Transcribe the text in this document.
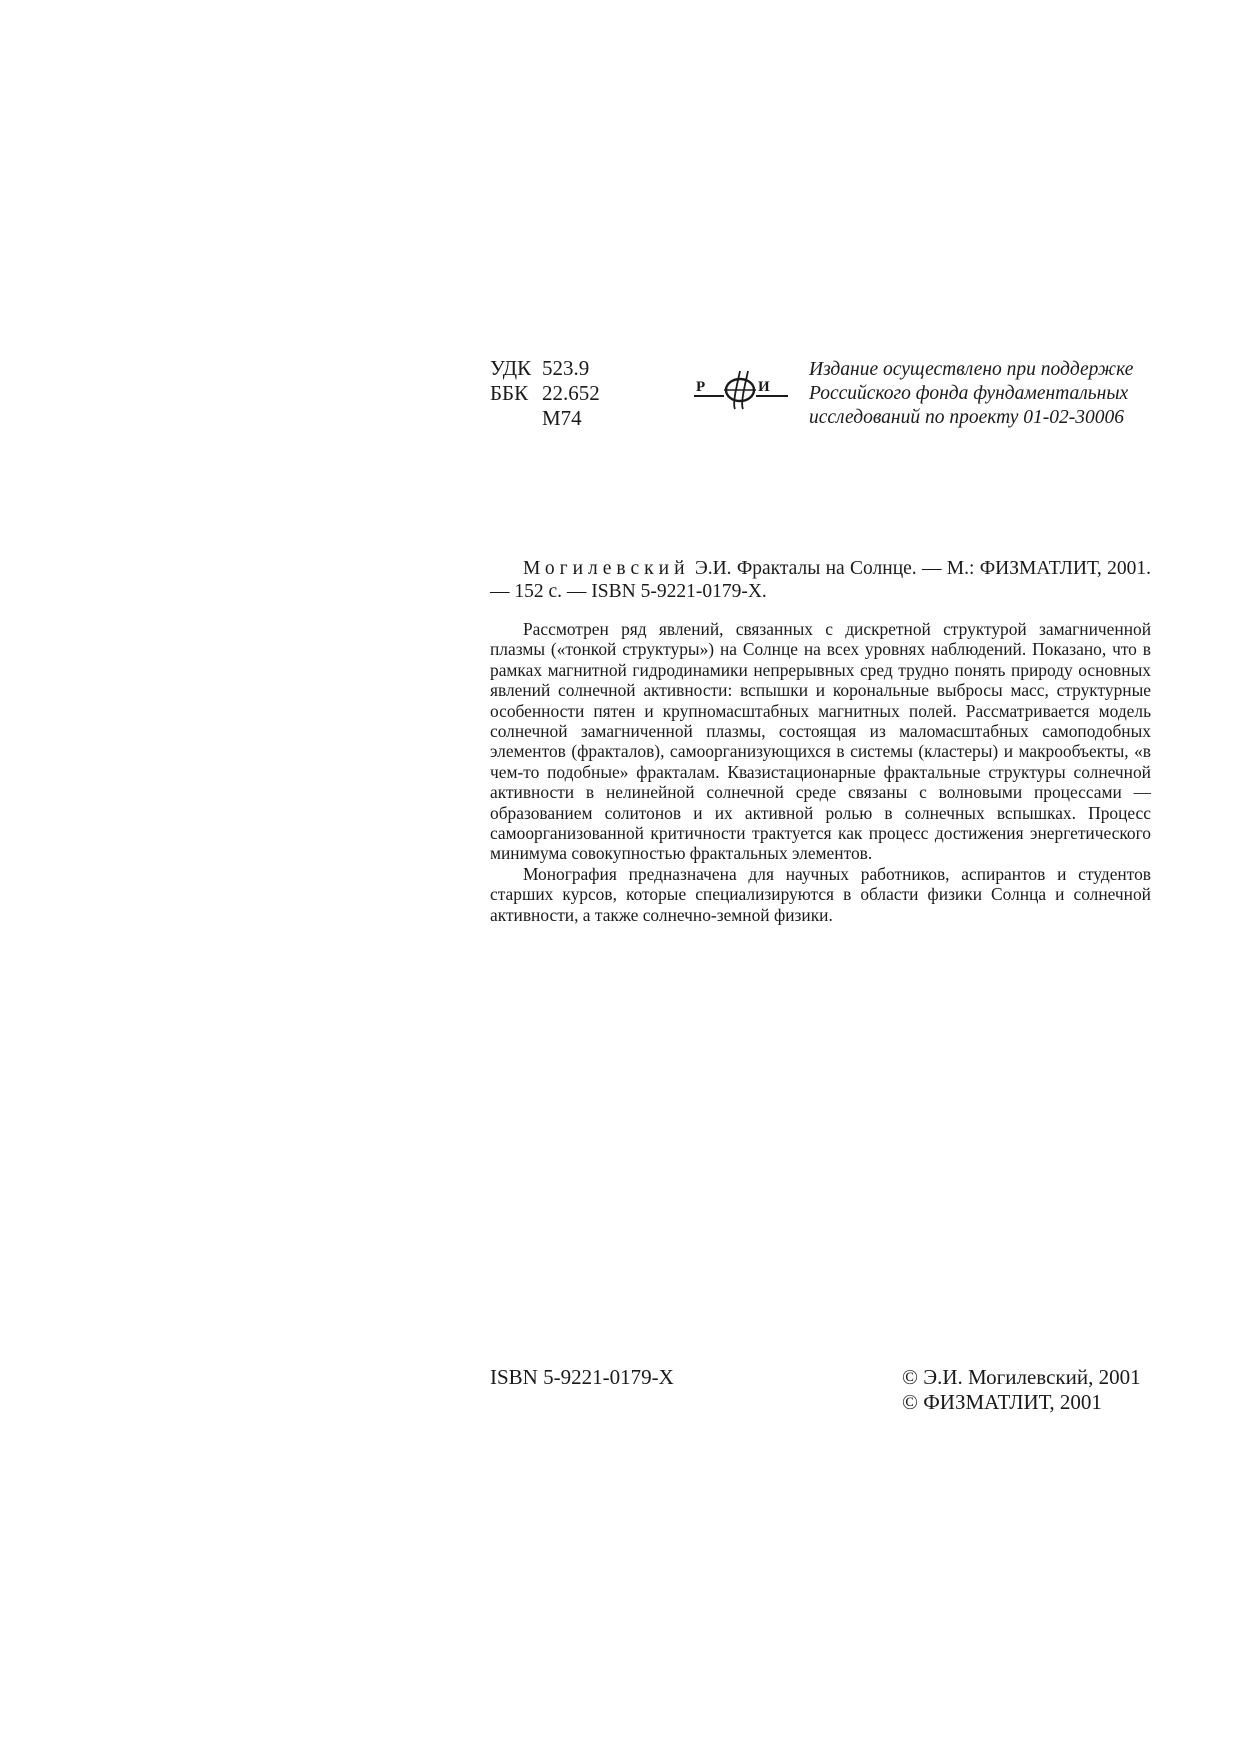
УДК 523.9
ББК 22.652
М74
Р	И
Издание осуществлено при поддержке
Российского фонда фундаментальных
исследований по проекту 01-02-30006
Могилевский Э.И. Фракталы на Солнце. — М.: ФИЗМАТЛИТ, 2001. — 152 с. — ISBN 5-9221-0179-X.

Рассмотрен ряд явлений, связанных с дискретной структурой замагниченной плазмы («тонкой структуры») на Солнце на всех уровнях наблюдений. Показано, что в рамках магнитной гидродинамики непрерывных сред трудно понять природу основных явлений солнечной активности: вспышки и корональные выбросы масс, структурные особенности пятен и крупномасштабных магнитных полей. Рассматривается модель солнечной замагниченной плазмы, состоящая из маломасштабных самоподобных элементов (фракталов), самоорганизующихся в системы (кластеры) и макрообъекты, «в чем-то подобные» фракталам. Квазистационарные фрактальные структуры солнечной активности в нелинейной солнечной среде связаны с волновыми процессами — образованием солитонов и их активной ролью в солнечных вспышках. Процесс самоорганизованной критичности трактуется как процесс достижения энергетического минимума совокупностью фрактальных элементов.

Монография предназначена для научных работников, аспирантов и студентов старших курсов, которые специализируются в области физики Солнца и солнечной активности, а также солнечно-земной физики.

ISBN 5-9221-0179-X	© Э.И. Могилевский, 2001
© ФИЗМАТЛИТ, 2001
